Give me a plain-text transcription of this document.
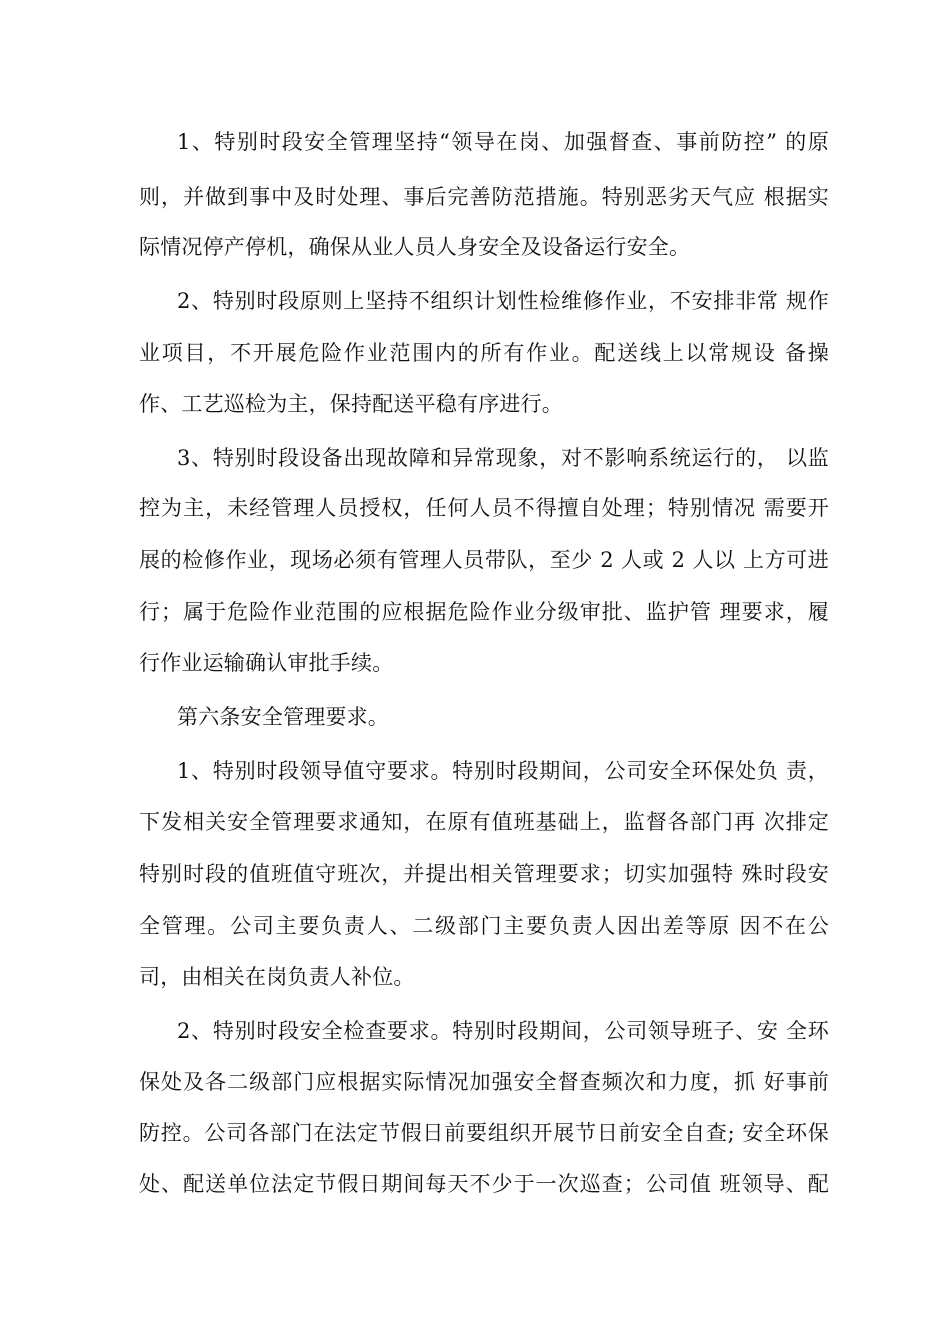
1、特别时段安全管理坚持“领导在岗、加强督查、事前防控” 的原
则，并做到事中及时处理、事后完善防范措施。特别恶劣天气应 根据实
际情况停产停机，确保从业人员人身安全及设备运行安全。
2、特别时段原则上坚持不组织计划性检维修作业，不安排非常 规作
业项目，不开展危险作业范围内的所有作业。配送线上以常规设 备操
作、工艺巡检为主，保持配送平稳有序进行。
3、特别时段设备出现故障和异常现象，对不影响系统运行的， 以监
控为主，未经管理人员授权，任何人员不得擅自处理；特别情况 需要开
展的检修作业，现场必须有管理人员带队，至少 2 人或 2 人以 上方可进
行；属于危险作业范围的应根据危险作业分级审批、监护管 理要求，履
行作业运输确认审批手续。
第六条安全管理要求。
1、特别时段领导值守要求。特别时段期间，公司安全环保处负 责，
下发相关安全管理要求通知，在原有值班基础上，监督各部门再 次排定
特别时段的值班值守班次，并提出相关管理要求；切实加强特 殊时段安
全管理。公司主要负责人、二级部门主要负责人因出差等原 因不在公
司，由相关在岗负责人补位。
2、特别时段安全检查要求。特别时段期间，公司领导班子、安 全环
保处及各二级部门应根据实际情况加强安全督查频次和力度，抓 好事前
防控。公司各部门在法定节假日前要组织开展节日前安全自查; 安全环保
处、配送单位法定节假日期间每天不少于一次巡查；公司值 班领导、配
